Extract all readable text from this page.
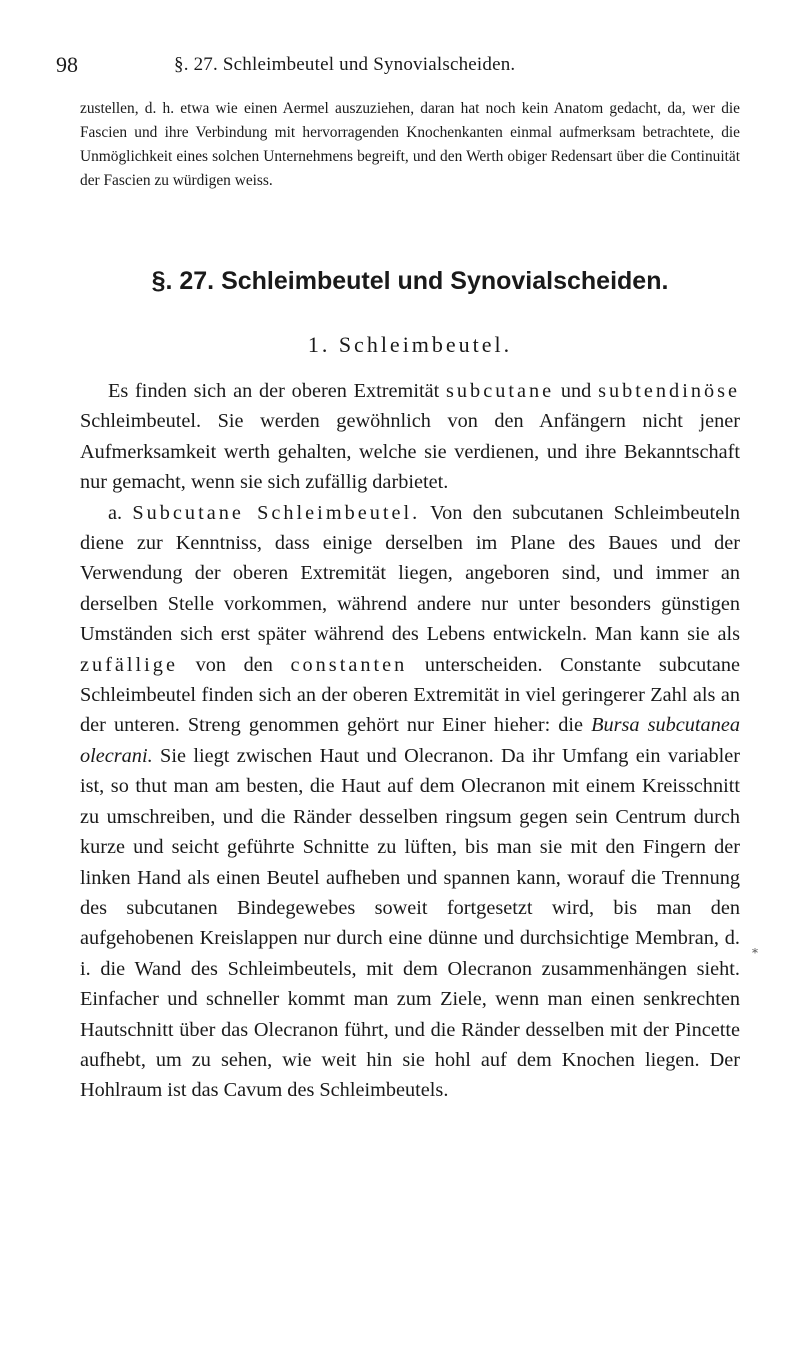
98	§. 27. Schleimbeutel und Synovialscheiden.

zustellen, d. h. etwa wie einen Aermel auszuziehen, daran hat noch kein Anatom gedacht, da, wer die Fascien und ihre Verbindung mit hervorragenden Knochenkanten einmal aufmerksam betrachtete, die Unmöglichkeit eines solchen Unternehmens begreift, und den Werth obiger Redensart über die Continuität der Fascien zu würdigen weiss.

§. 27. Schleimbeutel und Synovialscheiden.
1. Schleimbeutel.

Es finden sich an der oberen Extremität subcutane und subtendinöse Schleimbeutel. Sie werden gewöhnlich von den Anfängern nicht jener Aufmerksamkeit werth gehalten, welche sie verdienen, und ihre Bekanntschaft nur gemacht, wenn sie sich zufällig darbietet.

a. Subcutane Schleimbeutel. Von den subcutanen Schleimbeuteln diene zur Kenntniss, dass einige derselben im Plane des Baues und der Verwendung der oberen Extremität liegen, angeboren sind, und immer an derselben Stelle vorkommen, während andere nur unter besonders günstigen Umständen sich erst später während des Lebens entwickeln. Man kann sie als zufällige von den constanten unterscheiden. Constante subcutane Schleimbeutel finden sich an der oberen Extremität in viel geringerer Zahl als an der unteren. Streng genommen gehört nur Einer hieher: die Bursa subcutanea olecrani. Sie liegt zwischen Haut und Olecranon. Da ihr Umfang ein variabler ist, so thut man am besten, die Haut auf dem Olecranon mit einem Kreisschnitt zu umschreiben, und die Ränder desselben ringsum gegen sein Centrum durch kurze und seicht geführte Schnitte zu lüften, bis man sie mit den Fingern der linken Hand als einen Beutel aufheben und spannen kann, worauf die Trennung des subcutanen Bindegewebes soweit fortgesetzt wird, bis man den aufgehobenen Kreislappen nur durch eine dünne und durchsichtige Membran, d. i. die Wand des Schleimbeutels, mit dem Olecranon zusammenhängen sieht. Einfacher und schneller kommt man zum Ziele, wenn man einen senkrechten Hautschnitt über das Olecranon führt, und die Ränder desselben mit der Pincette aufhebt, um zu sehen, wie weit hin sie hohl auf dem Knochen liegen. Der Hohlraum ist das Cavum des Schleimbeutels.

*
